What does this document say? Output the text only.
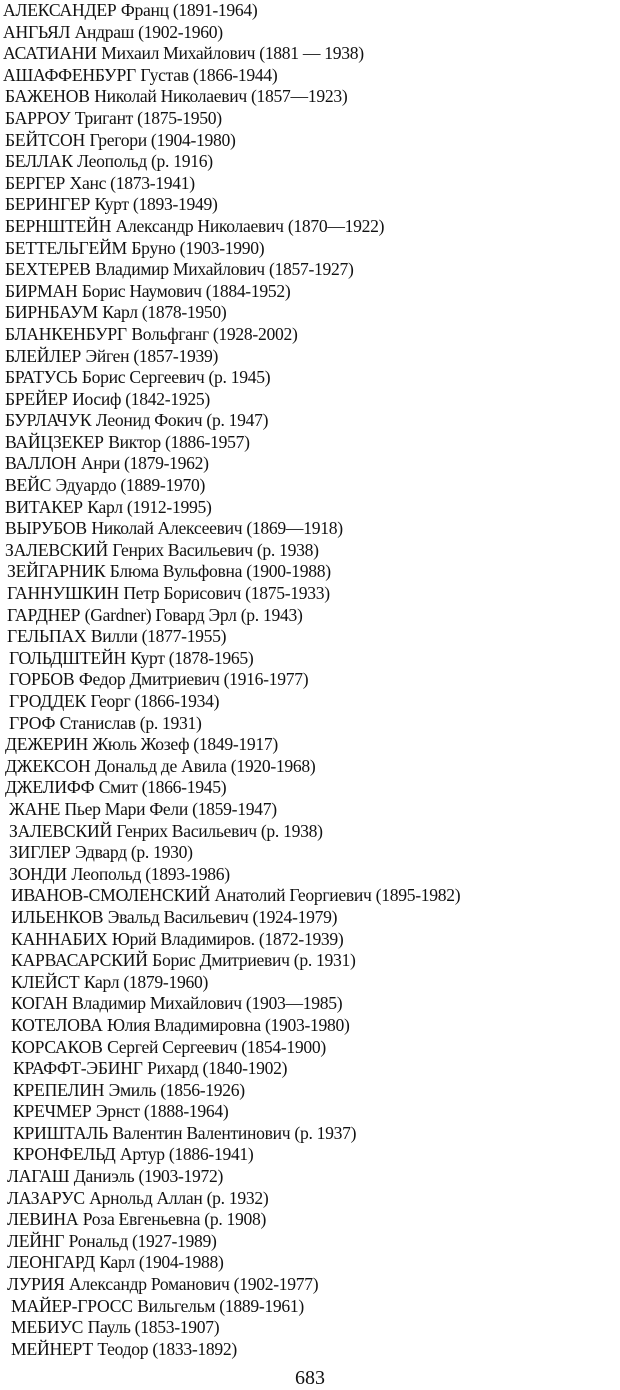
АЛЕКСАНДЕР Франц (1891-1964)
АНГЬЯЛ Андраш (1902-1960)
АСАТИАНИ Михаил Михайлович (1881 — 1938)
АШАФФЕНБУРГ Густав (1866-1944)
БАЖЕНОВ Николай Николаевич (1857—1923)
БАРРОУ Тригант (1875-1950)
БЕЙТСОН Грегори (1904-1980)
БЕЛЛАК Леопольд (р. 1916)
БЕРГЕР Ханс (1873-1941)
БЕРИНГЕР Курт (1893-1949)
БЕРНШТЕЙН Александр Николаевич (1870—1922)
БЕТТЕЛЬГЕЙМ Бруно (1903-1990)
БЕХТЕРЕВ Владимир Михайлович (1857-1927)
БИРМАН Борис Наумович (1884-1952)
БИРНБАУМ Карл (1878-1950)
БЛАНКЕНБУРГ Вольфганг (1928-2002)
БЛЕЙЛЕР Эйген (1857-1939)
БРАТУСЬ Борис Сергеевич (р. 1945)
БРЕЙЕР Иосиф (1842-1925)
БУРЛАЧУК Леонид Фокич (р. 1947)
ВАЙЦЗЕКЕР Виктор (1886-1957)
ВАЛЛОН Анри (1879-1962)
ВЕЙС Эдуардо (1889-1970)
ВИТАКЕР Карл (1912-1995)
ВЫРУБОВ Николай Алексеевич (1869—1918)
ЗАЛЕВСКИЙ Генрих Васильевич (р. 1938)
ЗЕЙГАРНИК Блюма Вульфовна (1900-1988)
ГАННУШКИН Петр Борисович (1875-1933)
ГАРДНЕР (Gardner) Говард Эрл (р. 1943)
ГЕЛЬПАХ Вилли (1877-1955)
ГОЛЬДШТЕЙН Курт (1878-1965)
ГОРБОВ Федор Дмитриевич (1916-1977)
ГРОДДЕК Георг (1866-1934)
ГРОФ Станислав (р. 1931)
ДЕЖЕРИН Жюль Жозеф (1849-1917)
ДЖЕКСОН Дональд де Авила (1920-1968)
ДЖЕЛИФФ Смит (1866-1945)
ЖАНЕ Пьер Мари Фели (1859-1947)
ЗАЛЕВСКИЙ Генрих Васильевич (р. 1938)
ЗИГЛЕР Эдвард (р. 1930)
ЗОНДИ Леопольд (1893-1986)
ИВАНОВ-СМОЛЕНСКИЙ Анатолий Георгиевич (1895-1982)
ИЛЬЕНКОВ Эвальд Васильевич (1924-1979)
КАННАБИХ Юрий Владимиров. (1872-1939)
КАРВАСАРСКИЙ Борис Дмитриевич (р. 1931)
КЛЕЙСТ Карл (1879-1960)
КОГАН Владимир Михайлович (1903—1985)
КОТЕЛОВА Юлия Владимировна (1903-1980)
КОРСАКОВ Сергей Сергеевич (1854-1900)
КРАФФТ-ЭБИНГ Рихард (1840-1902)
КРЕПЕЛИН Эмиль (1856-1926)
КРЕЧМЕР Эрнст (1888-1964)
КРИШТАЛЬ Валентин Валентинович (р. 1937)
КРОНФЕЛЬД Артур (1886-1941)
ЛАГАШ Даниэль (1903-1972)
ЛАЗАРУС Арнольд Аллан (р. 1932)
ЛЕВИНА Роза Евгеньевна (р. 1908)
ЛЕЙНГ Рональд (1927-1989)
ЛЕОНГАРД Карл (1904-1988)
ЛУРИЯ Александр Романович (1902-1977)
МАЙЕР-ГРОСС Вильгельм (1889-1961)
МЕБИУС Пауль (1853-1907)
МЕЙНЕРТ Теодор (1833-1892)
683
